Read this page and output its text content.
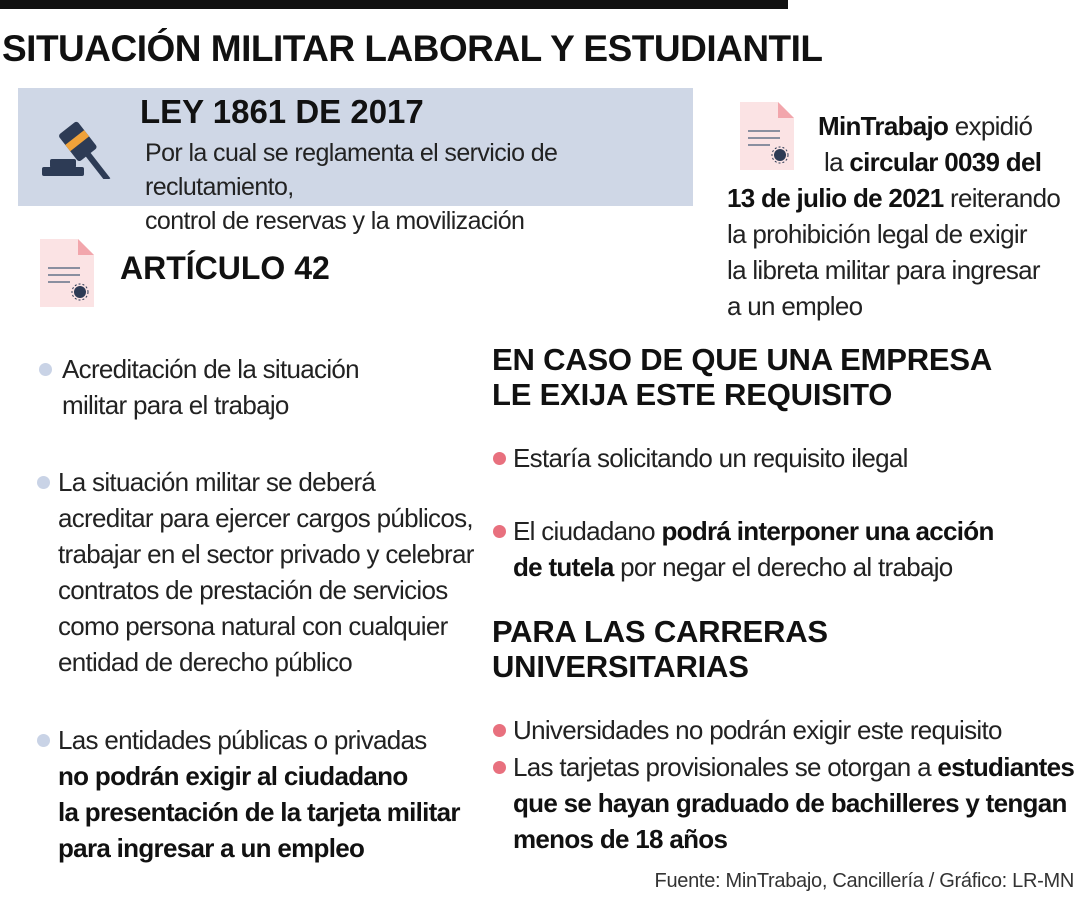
SITUACIÓN MILITAR LABORAL Y ESTUDIANTIL
LEY 1861 DE 2017
Por la cual se reglamenta el servicio de reclutamiento,
control de reservas y la movilización
ARTÍCULO 42
Acreditación de la situación
militar para el trabajo
La situación militar se deberá
acreditar para ejercer cargos públicos,
trabajar en el sector privado y celebrar
contratos de prestación de servicios
como persona natural con cualquier
entidad de derecho público
Las entidades públicas o privadas
no podrán exigir al ciudadano
la presentación de la tarjeta militar
para ingresar a un empleo
MinTrabajo expidió
la circular 0039 del
13 de julio de 2021 reiterando
la prohibición legal de exigir
la libreta militar para ingresar
a un empleo
EN CASO DE QUE UNA EMPRESA
LE EXIJA ESTE REQUISITO
Estaría solicitando un requisito ilegal
El ciudadano podrá interponer una acción
de tutela por negar el derecho al trabajo
PARA LAS CARRERAS
UNIVERSITARIAS
Universidades no podrán exigir este requisito
Las tarjetas provisionales se otorgan a estudiantes
que se hayan graduado de bachilleres y tengan
menos de 18 años
Fuente: MinTrabajo, Cancillería / Gráfico: LR-MN
